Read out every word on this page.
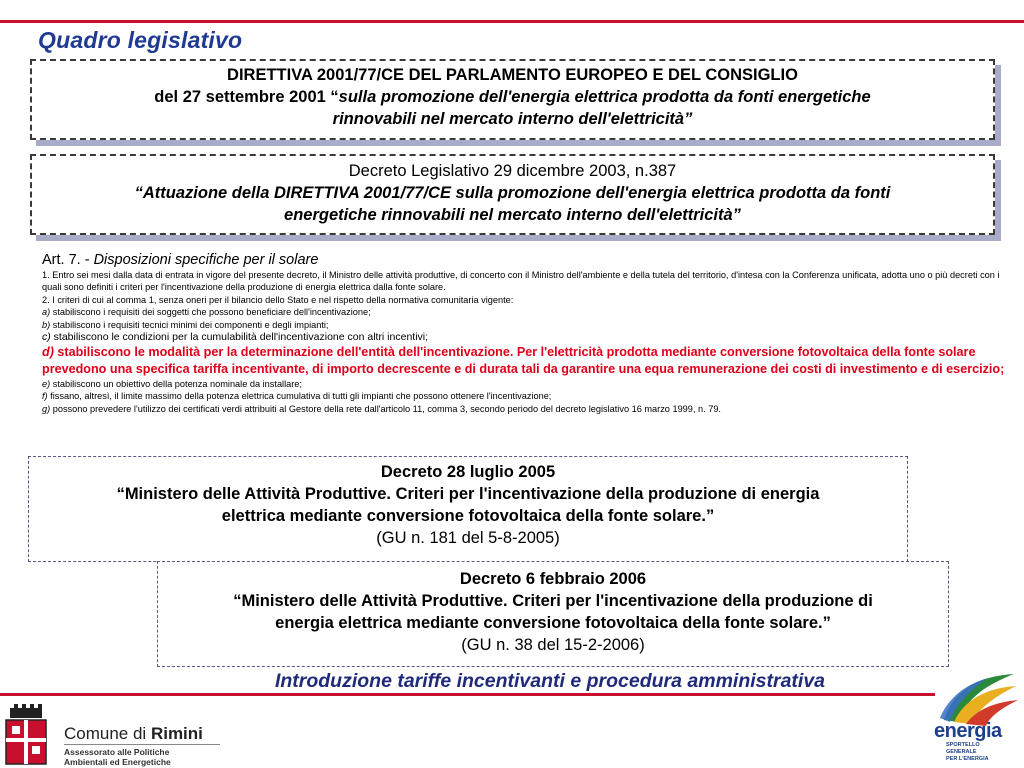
Quadro legislativo
DIRETTIVA 2001/77/CE DEL PARLAMENTO EUROPEO E DEL CONSIGLIO
del 27 settembre 2001 “sulla promozione dell'energia elettrica prodotta da fonti energetiche
rinnovabili nel mercato interno dell'elettricità”
Decreto Legislativo 29 dicembre 2003, n.387
“Attuazione della DIRETTIVA 2001/77/CE sulla promozione dell'energia elettrica prodotta da fonti
energetiche rinnovabili nel mercato interno dell'elettricità”
Art. 7. - Disposizioni specifiche per il solare
1. Entro sei mesi dalla data di entrata in vigore del presente decreto, il Ministro delle attività produttive, di concerto con il Ministro dell'ambiente e della tutela del territorio, d'intesa con la Conferenza unificata, adotta uno o più decreti con i quali sono definiti i criteri per l'incentivazione della produzione di energia elettrica dalla fonte solare.
2. I criteri di cui al comma 1, senza oneri per il bilancio dello Stato e nel rispetto della normativa comunitaria vigente:
a) stabiliscono i requisiti dei soggetti che possono beneficiare dell'incentivazione;
b) stabiliscono i requisiti tecnici minimi dei componenti e degli impianti;
c) stabiliscono le condizioni per la cumulabilità dell'incentivazione con altri incentivi;
d) stabiliscono le modalità per la determinazione dell'entità dell'incentivazione. Per l'elettricità prodotta mediante conversione fotovoltaica della fonte solare prevedono una specifica tariffa incentivante, di importo decrescente e di durata tali da garantire una equa remunerazione dei costi di investimento e di esercizio;
e) stabiliscono un obiettivo della potenza nominale da installare;
f) fissano, altresì, il limite massimo della potenza elettrica cumulativa di tutti gli impianti che possono ottenere l'incentivazione;
g) possono prevedere l'utilizzo dei certificati verdi attribuiti al Gestore della rete dall'articolo 11, comma 3, secondo periodo del decreto legislativo 16 marzo 1999, n. 79.
Decreto 28 luglio 2005
“Ministero delle Attività Produttive. Criteri per l'incentivazione della produzione di energia
elettrica mediante conversione fotovoltaica della fonte solare.”
(GU n. 181 del 5-8-2005)
Decreto 6 febbraio 2006
“Ministero delle Attività Produttive. Criteri per l'incentivazione della produzione di
energia elettrica mediante conversione fotovoltaica della fonte solare.”
(GU n. 38 del 15-2-2006)
Introduzione tariffe incentivanti e procedura amministrativa
Comune di Rimini
Assessorato alle Politiche
Ambientali ed Energetiche
energia
SPORTELLO
GENERALE
PER L'ENERGIA
